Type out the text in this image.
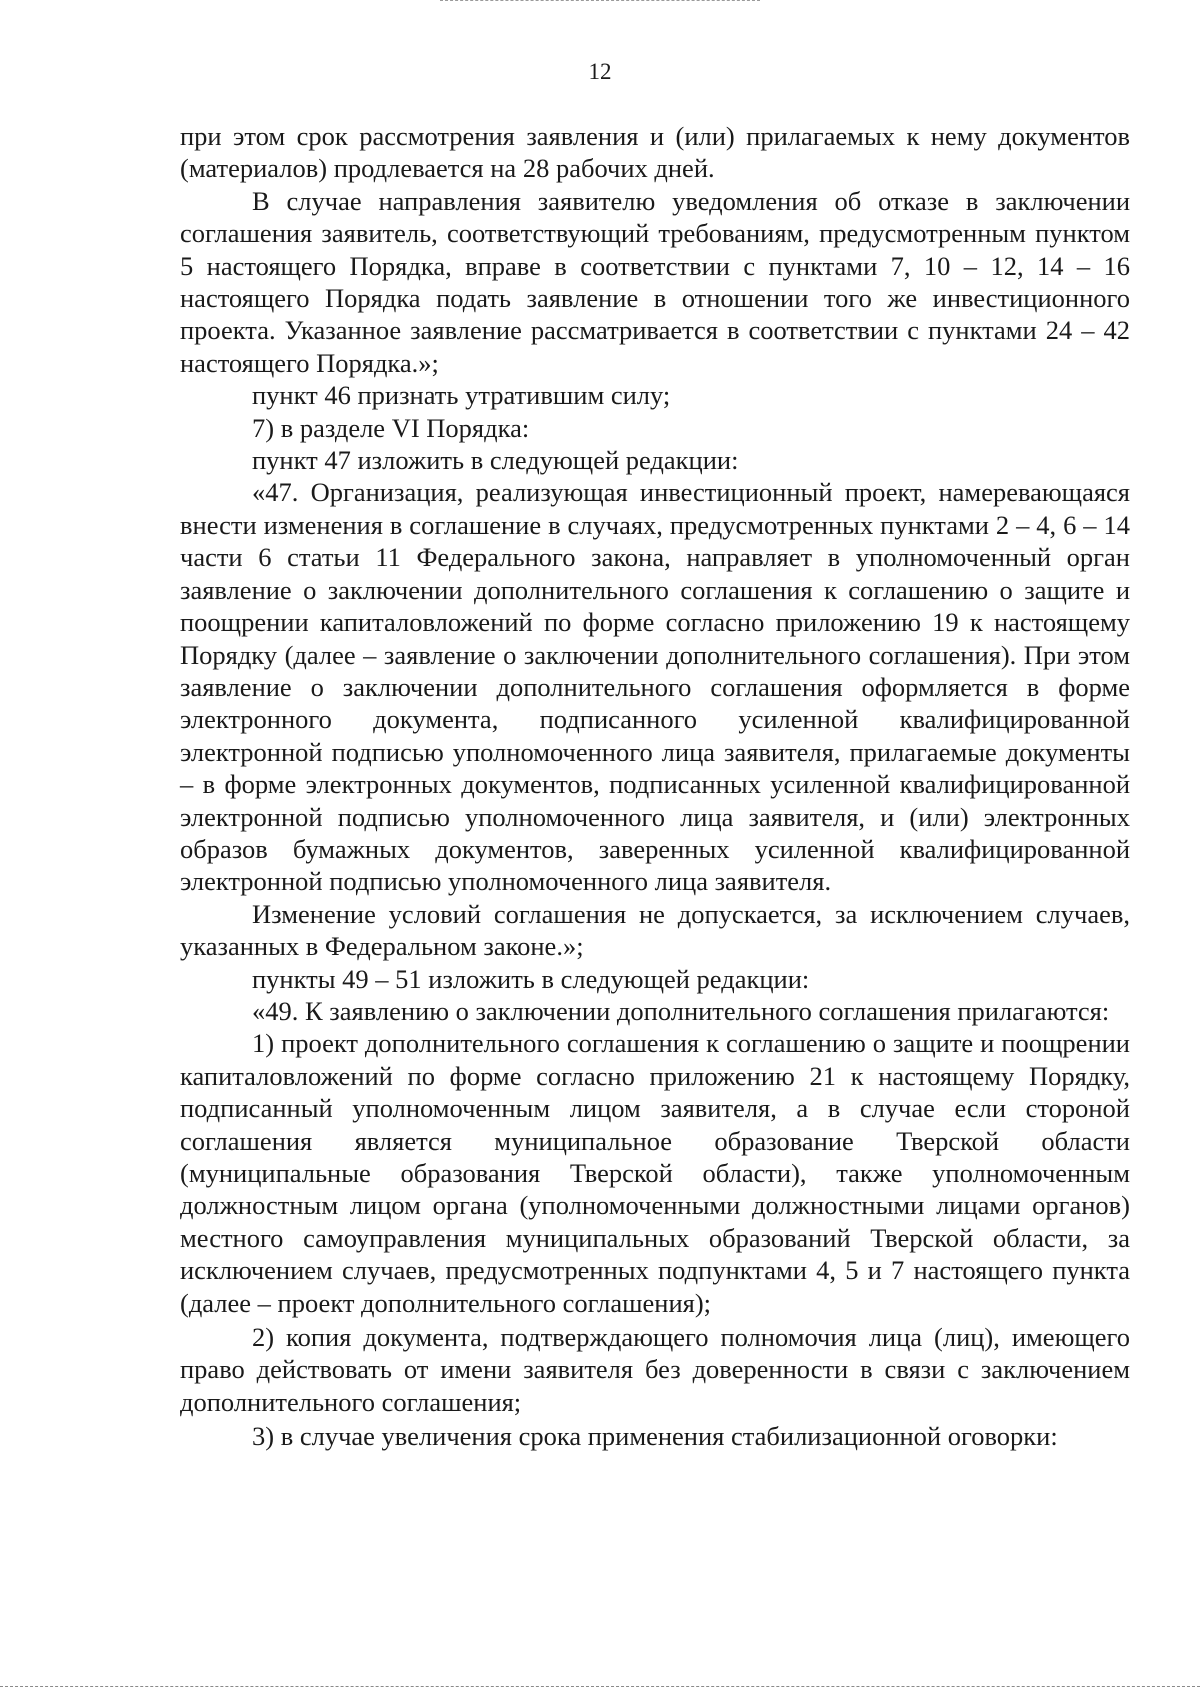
12

при этом срок рассмотрения заявления и (или) прилагаемых к нему документов (материалов) продлевается на 28 рабочих дней.

В случае направления заявителю уведомления об отказе в заключении соглашения заявитель, соответствующий требованиям, предусмотренным пунктом 5 настоящего Порядка, вправе в соответствии с пунктами 7, 10 – 12, 14 – 16 настоящего Порядка подать заявление в отношении того же инвестиционного проекта. Указанное заявление рассматривается в соответствии с пунктами 24 – 42 настоящего Порядка.»;

пункт 46 признать утратившим силу;

7) в разделе VI Порядка:

пункт 47 изложить в следующей редакции:

«47. Организация, реализующая инвестиционный проект, намеревающаяся внести изменения в соглашение в случаях, предусмотренных пунктами 2 – 4, 6 – 14 части 6 статьи 11 Федерального закона, направляет в уполномоченный орган заявление о заключении дополнительного соглашения к соглашению о защите и поощрении капиталовложений по форме согласно приложению 19 к настоящему Порядку (далее – заявление о заключении дополнительного соглашения). При этом заявление о заключении дополнительного соглашения оформляется в форме электронного документа, подписанного усиленной квалифицированной электронной подписью уполномоченного лица заявителя, прилагаемые документы – в форме электронных документов, подписанных усиленной квалифицированной электронной подписью уполномоченного лица заявителя, и (или) электронных образов бумажных документов, заверенных усиленной квалифицированной электронной подписью уполномоченного лица заявителя.

Изменение условий соглашения не допускается, за исключением случаев, указанных в Федеральном законе.»;

пункты 49 – 51 изложить в следующей редакции:

«49. К заявлению о заключении дополнительного соглашения прилагаются:

1) проект дополнительного соглашения к соглашению о защите и поощрении капиталовложений по форме согласно приложению 21 к настоящему Порядку, подписанный уполномоченным лицом заявителя, а в случае если стороной соглашения является муниципальное образование Тверской области (муниципальные образования Тверской области), также уполномоченным должностным лицом органа (уполномоченными должностными лицами органов) местного самоуправления муниципальных образований Тверской области, за исключением случаев, предусмотренных подпунктами 4, 5 и 7 настоящего пункта (далее – проект дополнительного соглашения);

2) копия документа, подтверждающего полномочия лица (лиц), имеющего право действовать от имени заявителя без доверенности в связи с заключением дополнительного соглашения;

3) в случае увеличения срока применения стабилизационной оговорки:
